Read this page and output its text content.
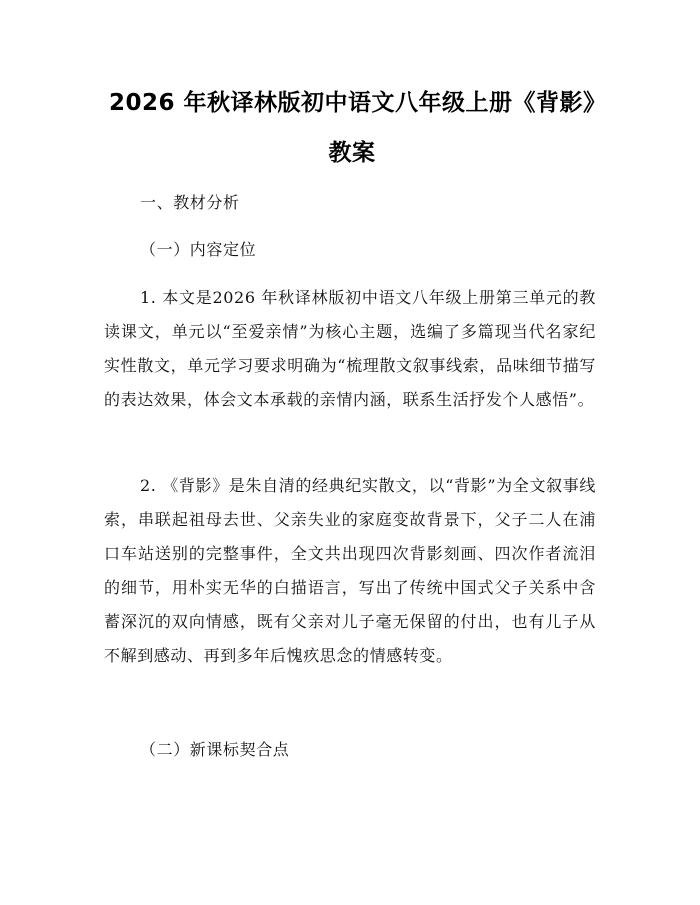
2026 年秋译林版初中语文八年级上册《背影》教案
一、教材分析
（一）内容定位

1. 本文是2026 年秋译林版初中语文八年级上册第三单元的教读课文，单元以“至爱亲情”为核心主题，选编了多篇现当代名家纪实性散文，单元学习要求明确为“梳理散文叙事线索，品味细节描写的表达效果，体会文本承载的亲情内涵，联系生活抒发个人感悟”。

2. 《背影》是朱自清的经典纪实散文，以“背影”为全文叙事线索，串联起祖母去世、父亲失业的家庭变故背景下，父子二人在浦口车站送别的完整事件，全文共出现四次背影刻画、四次作者流泪的细节，用朴实无华的白描语言，写出了传统中国式父子关系中含蓄深沉的双向情感，既有父亲对儿子毫无保留的付出，也有儿子从不解到感动、再到多年后愧疚思念的情感转变。

（二）新课标契合点
